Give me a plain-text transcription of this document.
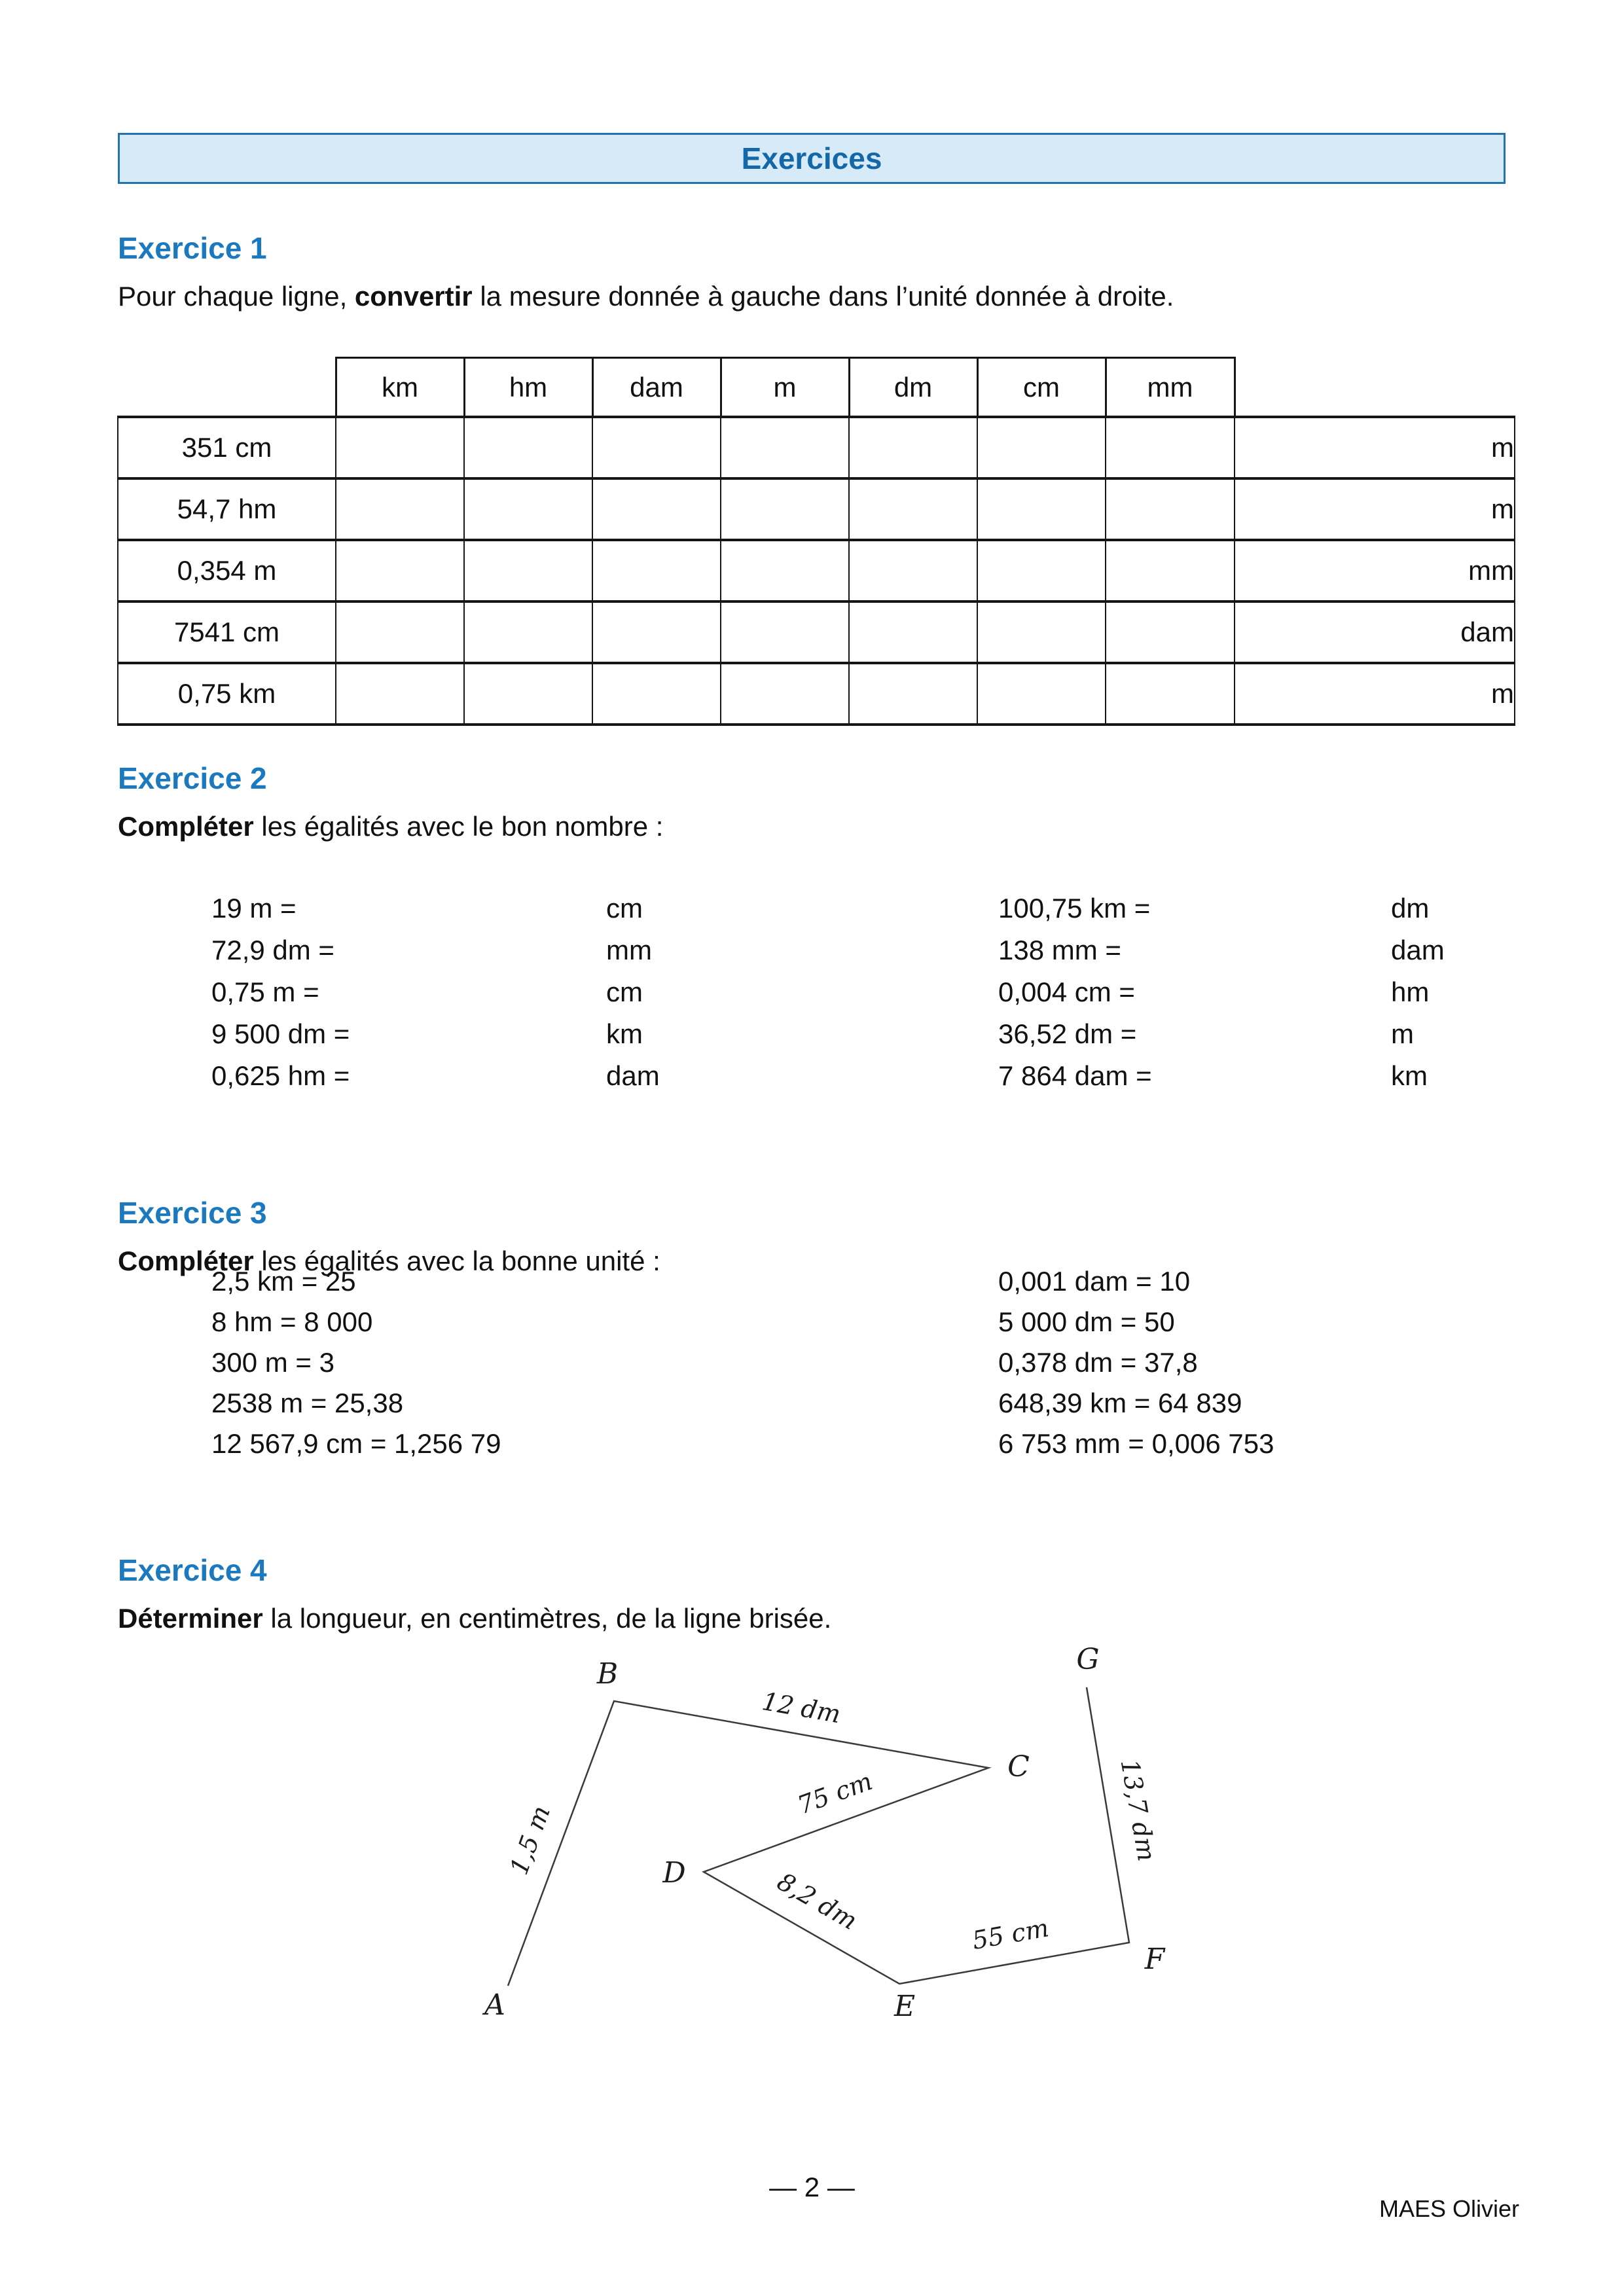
Exercices
Exercice 1
Pour chaque ligne, convertir la mesure donnée à gauche dans l’unité donnée à droite.
	km	hm	dam	m	dm	cm	mm	
351 cm								m
54,7 hm								m
0,354 m								mm
7541 cm								dam
0,75 km								m
Exercice 2
Compléter les égalités avec le bon nombre :
19 m =	cm	100,75 km =	dm
72,9 dm =	mm	138 mm =	dam
0,75 m =	cm	0,004 cm =	hm
9 500 dm =	km	36,52 dm =	m
0,625 hm =	dam	7 864 dam =	km
Exercice 3
Compléter les égalités avec la bonne unité :
2,5 km = 25	0,001 dam = 10
8 hm = 8 000	5 000 dm = 50
300 m = 3	0,378 dm = 37,8
2538 m = 25,38	648,39 km = 64 839
12 567,9 cm = 1,256 79	6 753 mm = 0,006 753
Exercice 4
Déterminer la longueur, en centimètres, de la ligne brisée.
A
B
C
D
E
F
G
1,5 m
12 dm
75 cm
8,2 dm	55 cm
13,7 dm
— 2 —
MAES Olivier
